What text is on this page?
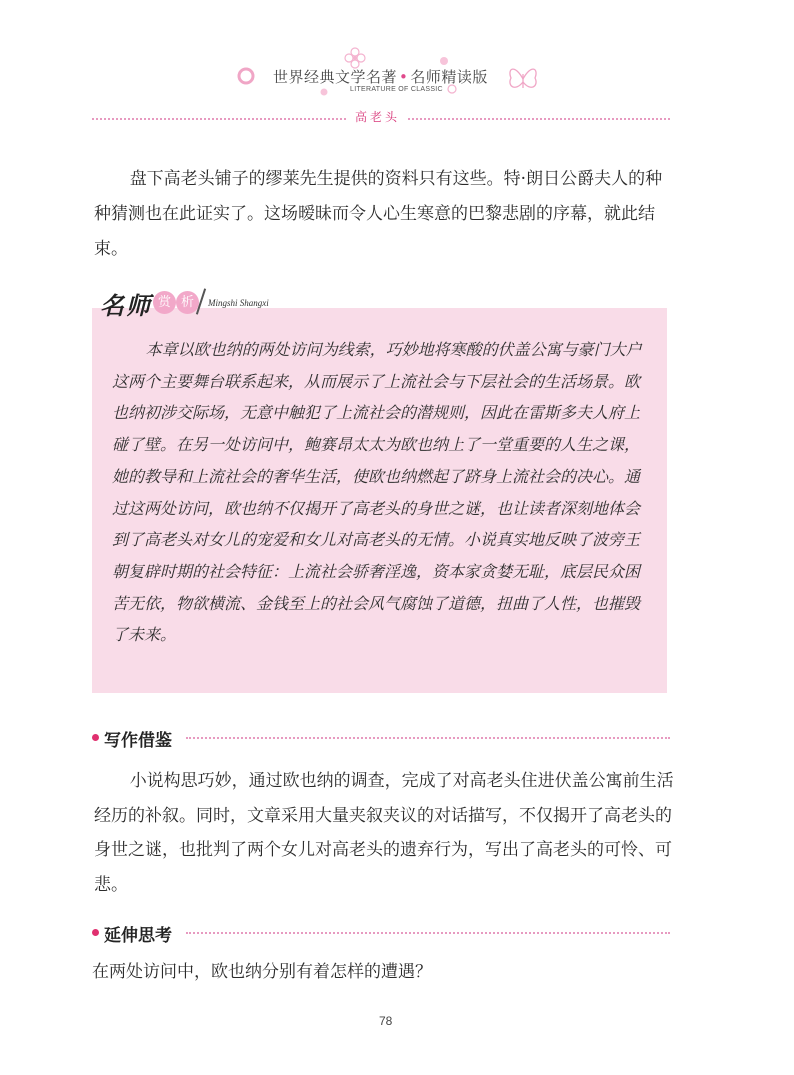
世界经典文学名著 • 名师精读版
LITERATURE OF CLASSIC
高老头

盘下高老头铺子的缪莱先生提供的资料只有这些。特·朗日公爵夫人的种种猜测也在此证实了。这场暧昧而令人心生寒意的巴黎悲剧的序幕，就此结束。

名 师 赏 析	Mingshi Shangxi

本章以欧也纳的两处访问为线索，巧妙地将寒酸的伏盖公寓与豪门大户这两个主要舞台联系起来，从而展示了上流社会与下层社会的生活场景。欧也纳初涉交际场，无意中触犯了上流社会的潜规则，因此在雷斯多夫人府上碰了壁。在另一处访问中，鲍赛昂太太为欧也纳上了一堂重要的人生之课，她的教导和上流社会的奢华生活，使欧也纳燃起了跻身上流社会的决心。通过这两处访问，欧也纳不仅揭开了高老头的身世之谜，也让读者深刻地体会到了高老头对女儿的宠爱和女儿对高老头的无情。小说真实地反映了波旁王朝复辟时期的社会特征：上流社会骄奢淫逸，资本家贪婪无耻，底层民众困苦无依，物欲横流、金钱至上的社会风气腐蚀了道德，扭曲了人性，也摧毁了未来。

写作借鉴

小说构思巧妙，通过欧也纳的调查，完成了对高老头住进伏盖公寓前生活经历的补叙。同时，文章采用大量夹叙夹议的对话描写，不仅揭开了高老头的身世之谜，也批判了两个女儿对高老头的遗弃行为，写出了高老头的可怜、可悲。

延伸思考

在两处访问中，欧也纳分别有着怎样的遭遇？

78
